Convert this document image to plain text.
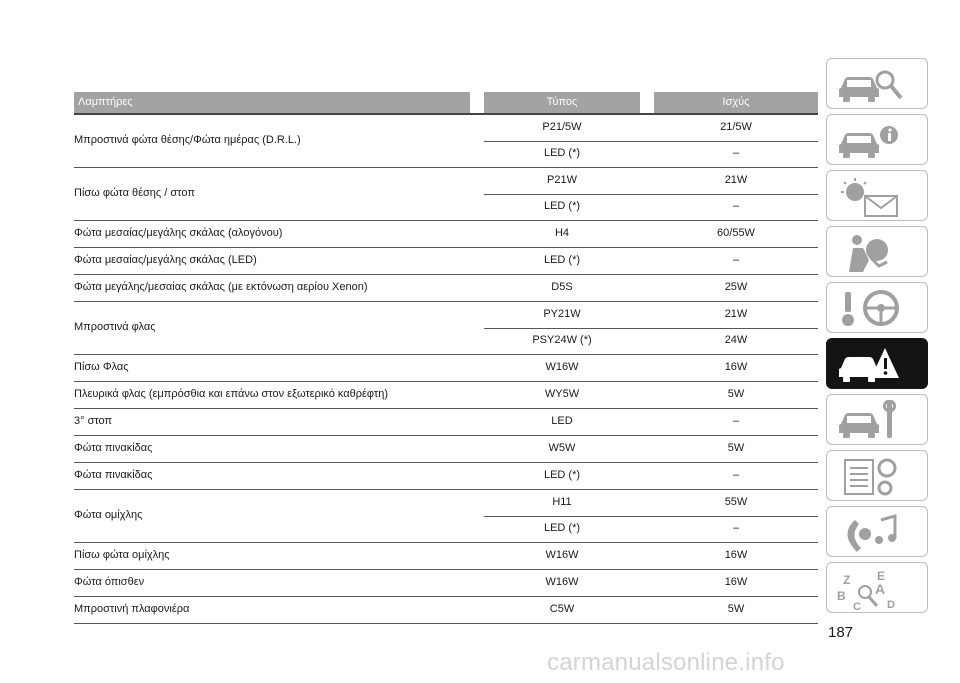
Λαμπτήρες	Τύπος	Ισχύς
Μπροστινά φώτα θέσης/Φώτα ημέρας (D.R.L.)
P21/5W	21/5W
LED (*)	–
Πίσω φώτα θέσης / στοπ
P21W	21W
LED (*)	–
Φώτα μεσαίας/μεγάλης σκάλας (αλογόνου)	H4	60/55W
Φώτα μεσαίας/μεγάλης σκάλας (LED)	LED (*)	–
Φώτα μεγάλης/μεσαίας σκάλας (με εκτόνωση αερίου Xenon)	D5S	25W
Μπροστινά φλας
PY21W	21W
PSY24W (*)	24W
Πίσω Φλας	W16W	16W
Πλευρικά φλας (εμπρόσθια και επάνω στον εξωτερικό καθρέφτη)	WY5W	5W
3° στοπ	LED	–
Φώτα πινακίδας	W5W	5W
Φώτα πινακίδας	LED (*)	–
Φώτα ομίχλης
H11	55W
LED (*)	–
Πίσω φώτα ομίχλης	W16W	16W
Φώτα όπισθεν	W16W	16W
Μπροστινή πλαφονιέρα	C5W	5W
Z E
B A
C D
187
carmanualsonline.info
